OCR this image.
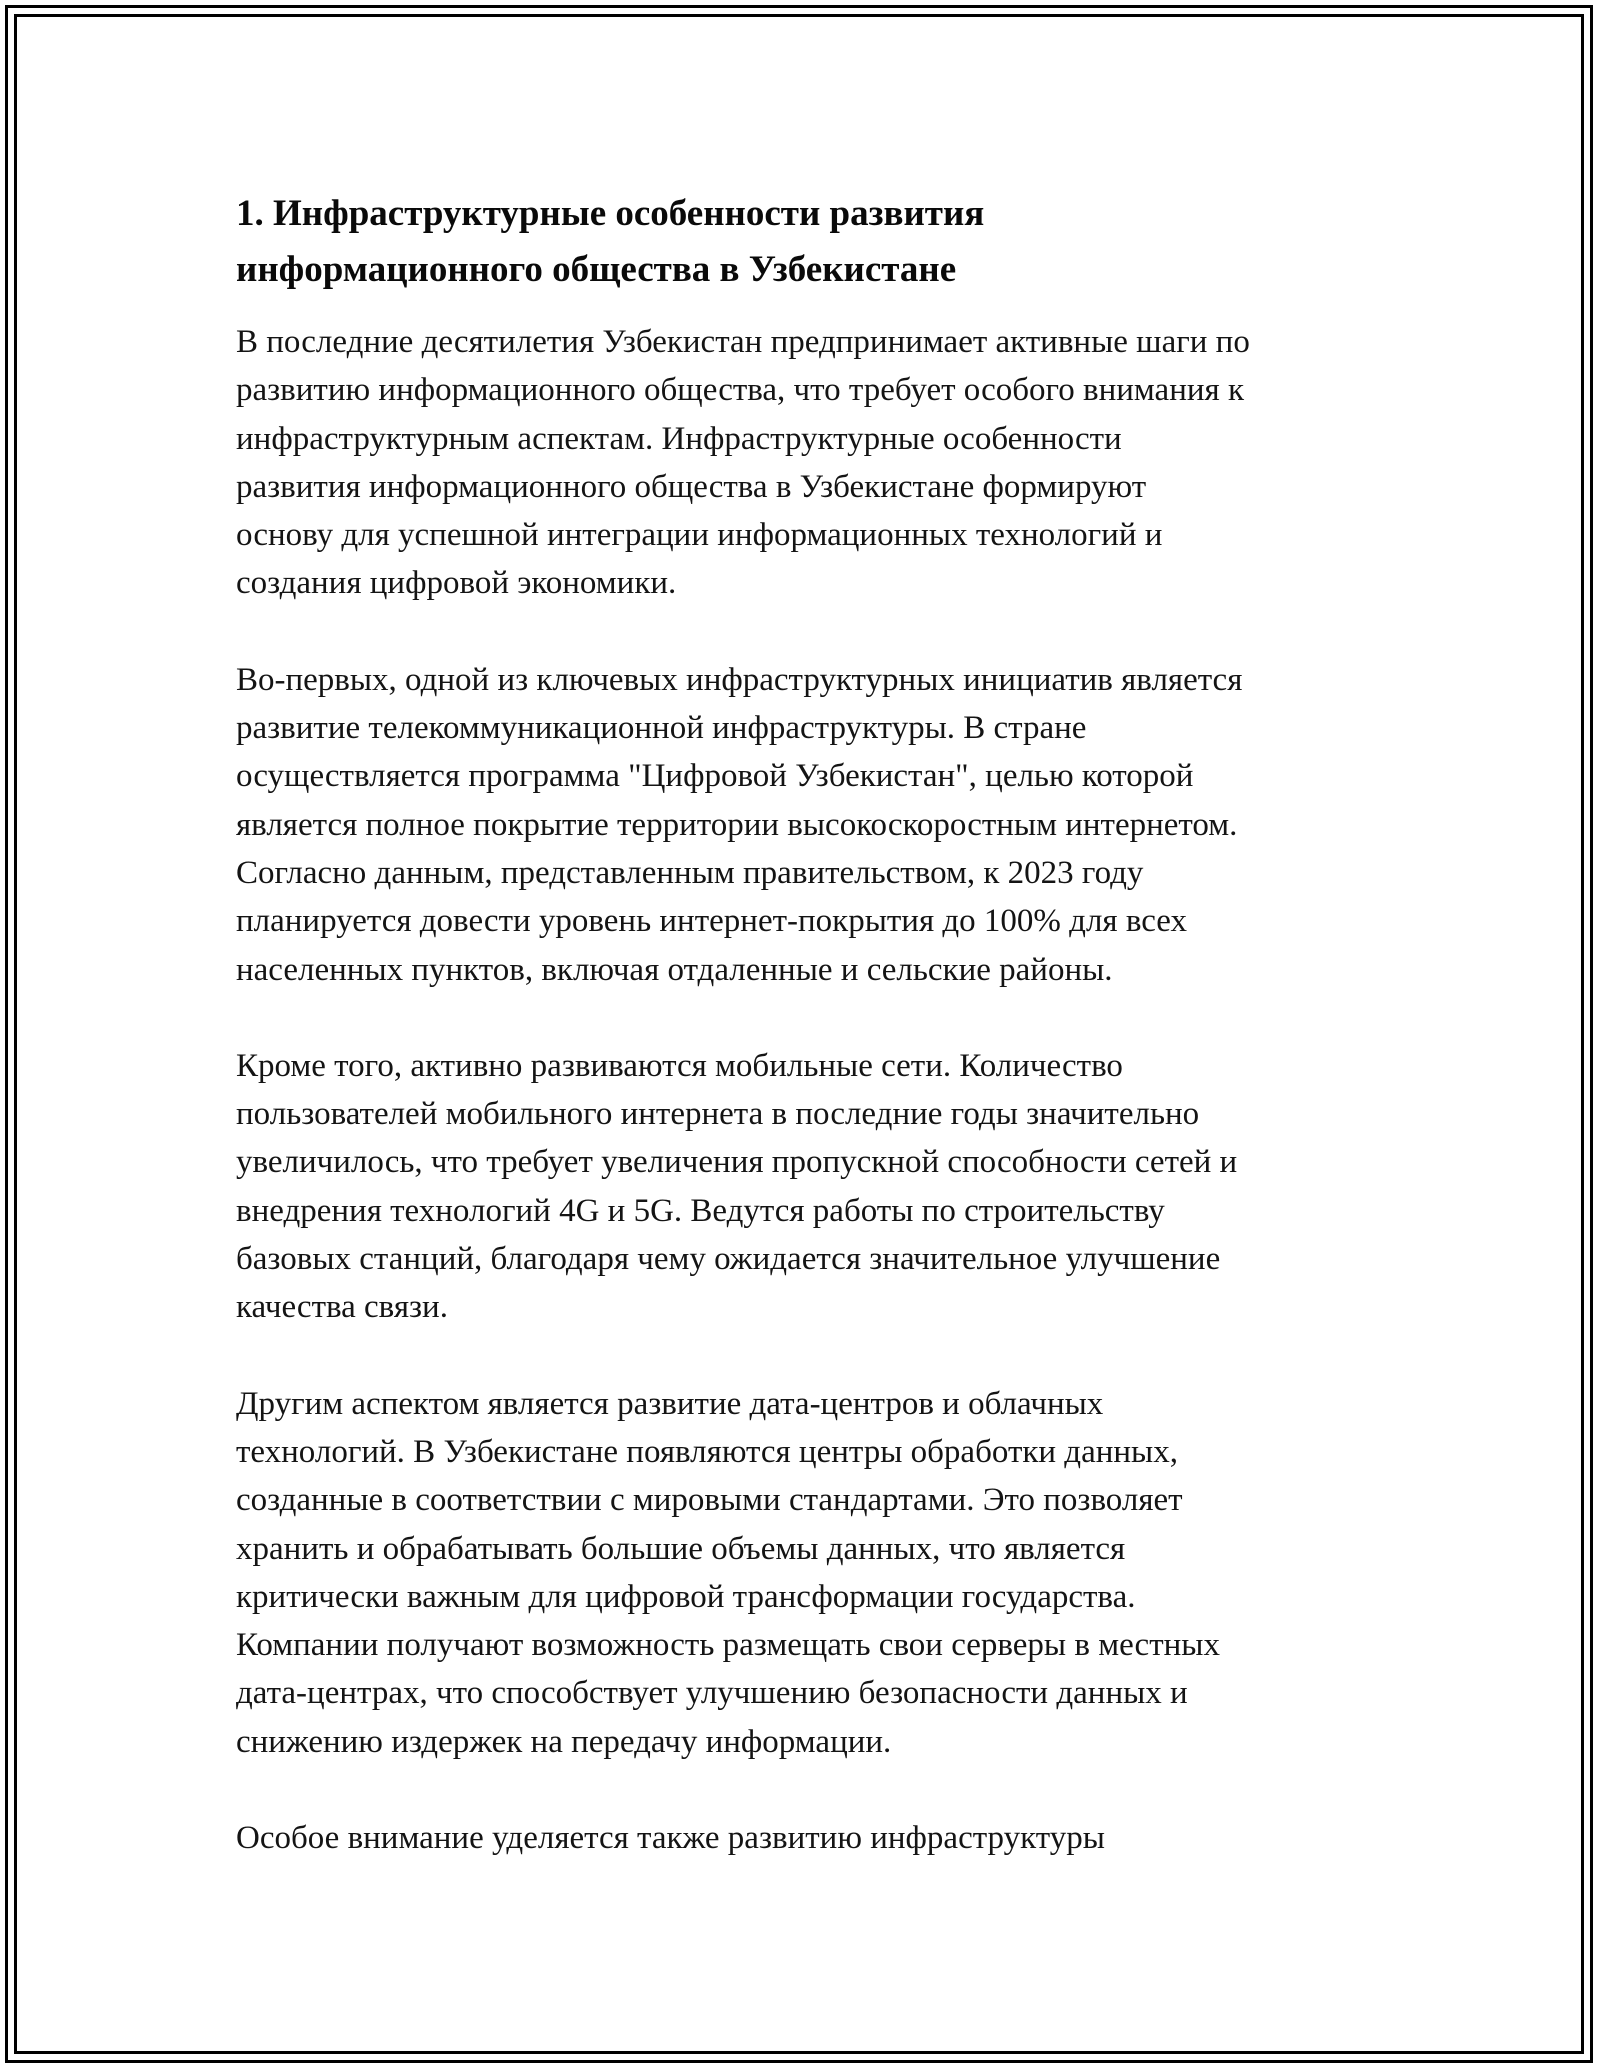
1. Инфраструктурные особенности развития
информационного общества в Узбекистане

В последние десятилетия Узбекистан предпринимает активные шаги по
развитию информационного общества, что требует особого внимания к
инфраструктурным аспектам. Инфраструктурные особенности
развития информационного общества в Узбекистане формируют
основу для успешной интеграции информационных технологий и
создания цифровой экономики.

Во-первых, одной из ключевых инфраструктурных инициатив является
развитие телекоммуникационной инфраструктуры. В стране
осуществляется программа "Цифровой Узбекистан", целью которой
является полное покрытие территории высокоскоростным интернетом.
Согласно данным, представленным правительством, к 2023 году
планируется довести уровень интернет-покрытия до 100% для всех
населенных пунктов, включая отдаленные и сельские районы.

Кроме того, активно развиваются мобильные сети. Количество
пользователей мобильного интернета в последние годы значительно
увеличилось, что требует увеличения пропускной способности сетей и
внедрения технологий 4G и 5G. Ведутся работы по строительству
базовых станций, благодаря чему ожидается значительное улучшение
качества связи.

Другим аспектом является развитие дата-центров и облачных
технологий. В Узбекистане появляются центры обработки данных,
созданные в соответствии с мировыми стандартами. Это позволяет
хранить и обрабатывать большие объемы данных, что является
критически важным для цифровой трансформации государства.
Компании получают возможность размещать свои серверы в местных
дата-центрах, что способствует улучшению безопасности данных и
снижению издержек на передачу информации.

Особое внимание уделяется также развитию инфраструктуры
